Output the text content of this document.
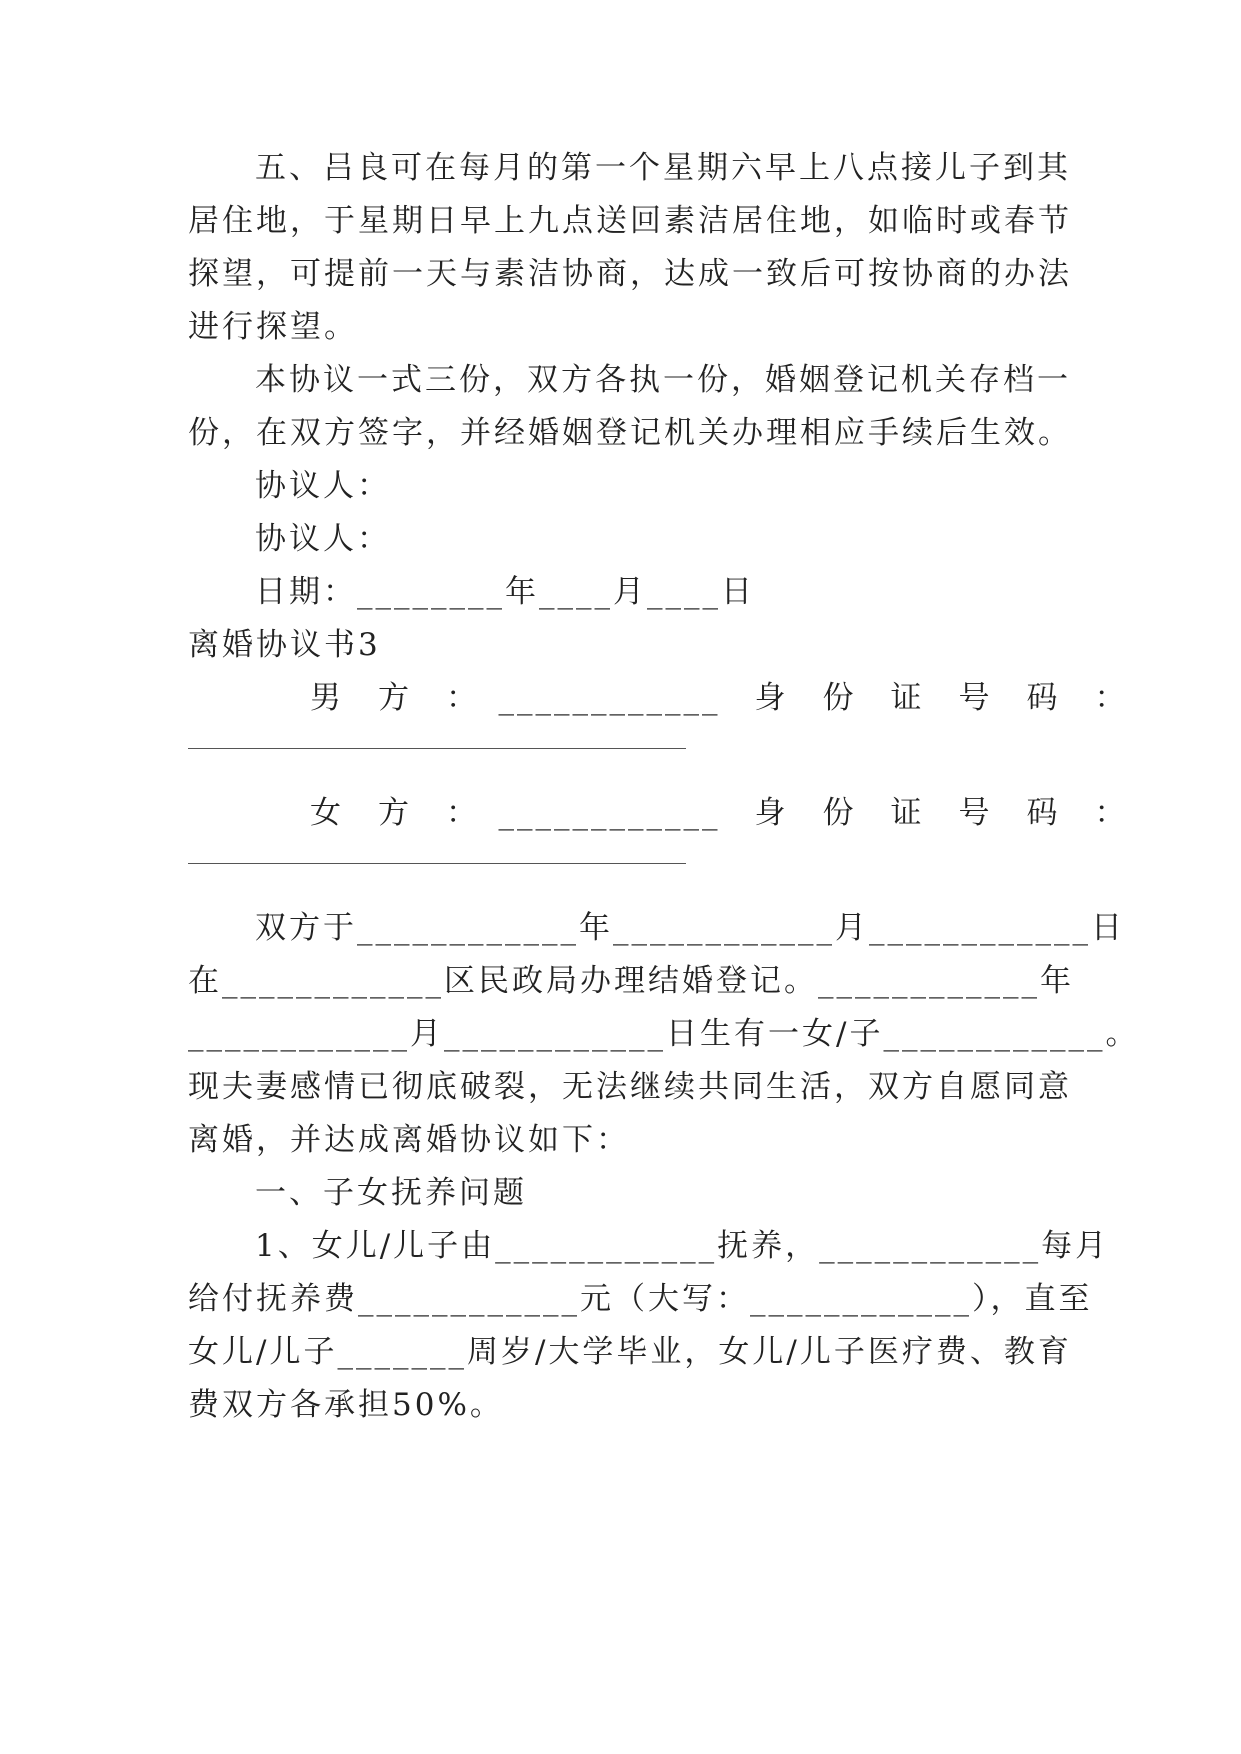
五、吕良可在每月的第一个星期六早上八点接儿子到其
居住地，于星期日早上九点送回素洁居住地，如临时或春节
探望，可提前一天与素洁协商，达成一致后可按协商的办法
进行探望。
本协议一式三份，双方各执一份，婚姻登记机关存档一
份，在双方签字，并经婚姻登记机关办理相应手续后生效。
协议人：
协议人：
日期：________年____月____日
离婚协议书3
男　方　：　____________　身　份　证　号　码　：
女　方　：　____________　身　份　证　号　码　：
双方于____________年____________月____________日
在____________区民政局办理结婚登记。____________年
____________月____________日生有一女/子____________。
现夫妻感情已彻底破裂，无法继续共同生活，双方自愿同意
离婚，并达成离婚协议如下：
一、子女抚养问题
1、女儿/儿子由____________抚养，____________每月
给付抚养费____________元（大写：____________），直至
女儿/儿子_______周岁/大学毕业，女儿/儿子医疗费、教育
费双方各承担50%。
